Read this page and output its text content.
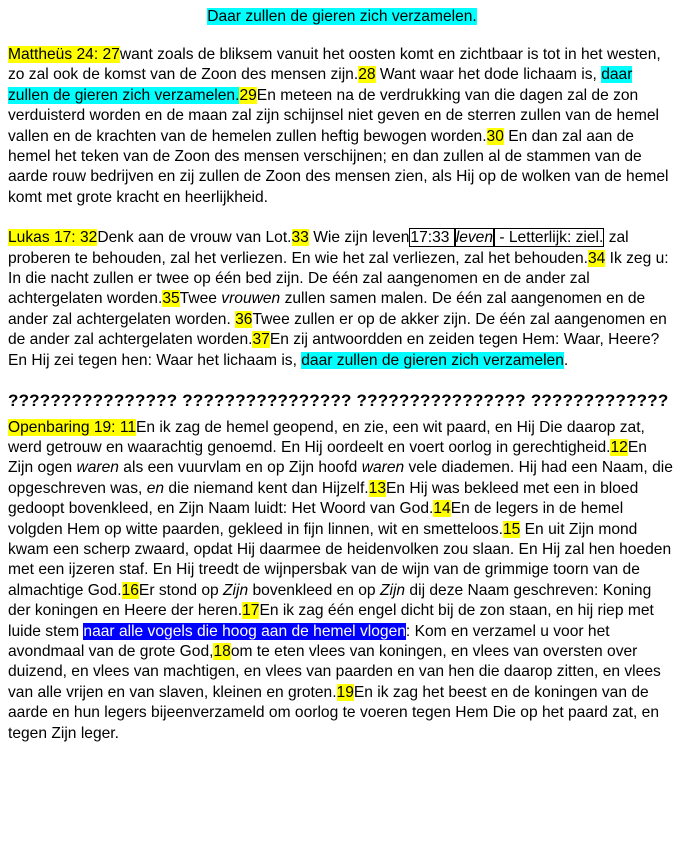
Daar zullen de gieren zich verzamelen.

Mattheüs 24: 27want zoals de bliksem vanuit het oosten komt en zichtbaar is tot in het westen, zo zal ook de komst van de Zoon des mensen zijn.28 Want waar het dode lichaam is, daar zullen de gieren zich verzamelen.29En meteen na de verdrukking van die dagen zal de zon verduisterd worden en de maan zal zijn schijnsel niet geven en de sterren zullen van de hemel vallen en de krachten van de hemelen zullen heftig bewogen worden.30 En dan zal aan de hemel het teken van de Zoon des mensen verschijnen; en dan zullen al de stammen van de aarde rouw bedrijven en zij zullen de Zoon des mensen zien, als Hij op de wolken van de hemel komt met grote kracht en heerlijkheid.

Lukas 17: 32Denk aan de vrouw van Lot.33 Wie zijn leven17:33 leven - Letterlijk: ziel. zal proberen te behouden, zal het verliezen. En wie het zal verliezen, zal het behouden.34 Ik zeg u: In die nacht zullen er twee op één bed zijn. De één zal aangenomen en de ander zal achtergelaten worden.35Twee vrouwen zullen samen malen. De één zal aangenomen en de ander zal achtergelaten worden. 36Twee zullen er op de akker zijn. De één zal aangenomen en de ander zal achtergelaten worden.37En zij antwoordden en zeiden tegen Hem: Waar, Heere? En Hij zei tegen hen: Waar het lichaam is, daar zullen de gieren zich verzamelen.

???????????????? ???????????????? ???????????????? ?????????????

Openbaring 19: 11En ik zag de hemel geopend, en zie, een wit paard, en Hij Die daarop zat, werd getrouw en waarachtig genoemd. En Hij oordeelt en voert oorlog in gerechtigheid.12En Zijn ogen waren als een vuurvlam en op Zijn hoofd waren vele diademen. Hij had een Naam, die opgeschreven was, en die niemand kent dan Hijzelf.13En Hij was bekleed met een in bloed gedoopt bovenkleed, en Zijn Naam luidt: Het Woord van God.14En de legers in de hemel volgden Hem op witte paarden, gekleed in fijn linnen, wit en smetteloos.15 En uit Zijn mond kwam een scherp zwaard, opdat Hij daarmee de heidenvolken zou slaan. En Hij zal hen hoeden met een ijzeren staf. En Hij treedt de wijnpersbak van de wijn van de grimmige toorn van de almachtige God.16Er stond op Zijn bovenkleed en op Zijn dij deze Naam geschreven: Koning der koningen en Heere der heren.17En ik zag één engel dicht bij de zon staan, en hij riep met luide stem naar alle vogels die hoog aan de hemel vlogen: Kom en verzamel u voor het avondmaal van de grote God,18om te eten vlees van koningen, en vlees van oversten over duizend, en vlees van machtigen, en vlees van paarden en van hen die daarop zitten, en vlees van alle vrijen en van slaven, kleinen en groten.19En ik zag het beest en de koningen van de aarde en hun legers bijeenverzameld om oorlog te voeren tegen Hem Die op het paard zat, en tegen Zijn leger.
